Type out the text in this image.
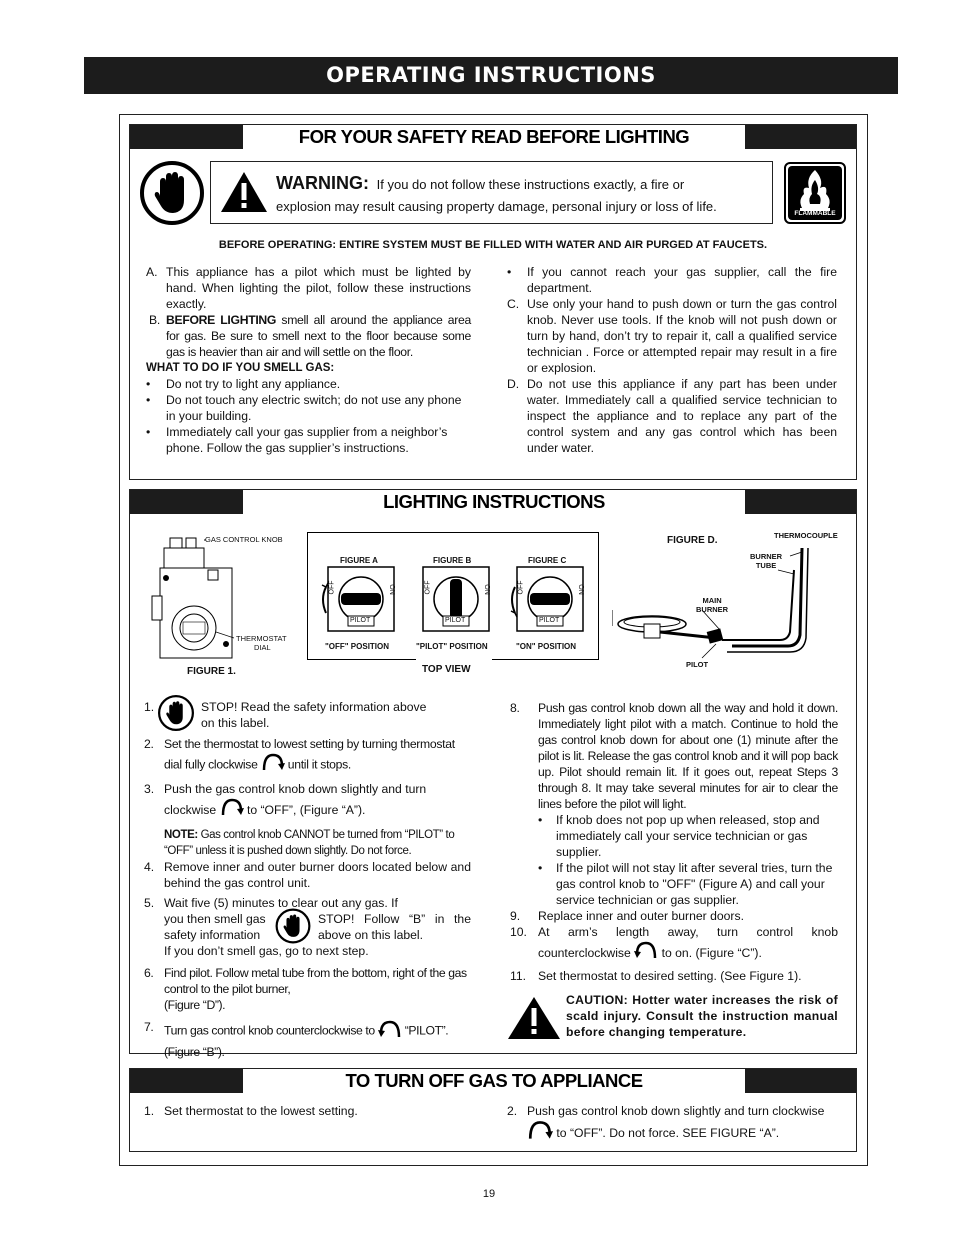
OPERATING INSTRUCTIONS
FOR YOUR SAFETY READ BEFORE LIGHTING
WARNING: If you do not follow these instructions exactly, a fire or
explosion may result causing property damage, personal injury or loss of life.	FLAMMABLE
BEFORE OPERATING: ENTIRE SYSTEM MUST BE FILLED WITH WATER AND AIR PURGED AT FAUCETS.
A. This appliance has a pilot which must be lighted by hand. When lighting the pilot, follow these instructions exactly.
B. BEFORE LIGHTING smell all around the appliance area for gas. Be sure to smell next to the floor because some gas is heavier than air and will settle on the floor.
WHAT TO DO IF YOU SMELL GAS:
• Do not try to light any appliance.
• Do not touch any electric switch; do not use any phone in your building.
• Immediately call your gas supplier from a neighbor’s phone. Follow the gas supplier’s instructions.
• If you cannot reach your gas supplier, call the fire department.
C. Use only your hand to push down or turn the gas control knob. Never use tools. If the knob will not push down or turn by hand, don’t try to repair it, call a qualified service technician . Force or attempted repair may result in a fire or explosion.
D. Do not use this appliance if any part has been under water. Immediately call a qualified service technician to inspect the appliance and to replace any part of the control system and any gas control which has been under water.
LIGHTING INSTRUCTIONS
GAS CONTROL KNOB
THERMOSTAT
DIAL
FIGURE 1.
FIGURE A	FIGURE B	FIGURE C
OFF	ON
PILOT
OFF	ON
PILOT
OFF	ON
PILOT
"OFF" POSITION	"PILOT" POSITION	"ON" POSITION
TOP VIEW
FIGURE D.	THERMOCOUPLE
BURNER
TUBE
MAIN
BURNER
PILOT
1.	STOP! Read the safety information above
on this label.
2. Set the thermostat to lowest setting by turning thermostat
dial fully clockwise until it stops.
3. Push the gas control knob down slightly and turn
clockwise	to “OFF”, (Figure “A”).
NOTE: Gas control knob CANNOT be turned from “PILOT” to “OFF” unless it is pushed down slightly. Do not force.
4. Remove inner and outer burner doors located below and behind the gas control unit.
5. Wait five (5) minutes to clear out any gas. If
you then smell gas
safety information
STOP! Follow “B” in the
above on this label.
If you don’t smell gas, go to next step.
6. Find pilot. Follow metal tube from the bottom, right of the gas control to the pilot burner,
(Figure “D”).
7. Turn gas control knob counterclockwise to “PILOT”.
(Figure “B”).
8. Push gas control knob down all the way and hold it down. Immediately light pilot with a match. Continue to hold the gas control knob down for about one (1) minute after the pilot is lit. Release the gas control knob and it will pop back up. Pilot should remain lit. If it goes out, repeat Steps 3 through 8. It may take several minutes for air to clear the lines before the pilot will light.
• If knob does not pop up when released, stop and immediately call your service technician or gas supplier.
• If the pilot will not stay lit after several tries, turn the gas control knob to "OFF" (Figure A) and call your service technician or gas supplier.
9. Replace inner and outer burner doors.
10. At arm’s length away, turn control knob
counterclockwise	to on. (Figure “C”).
11. Set thermostat to desired setting. (See Figure 1).
CAUTION: Hotter water increases the risk of scald injury. Consult the instruction manual before changing temperature.
TO TURN OFF GAS TO APPLIANCE
1. Set thermostat to the lowest setting.	2. Push gas control knob down slightly and turn clockwise
to “OFF”. Do not force. SEE FIGURE “A”.
19
